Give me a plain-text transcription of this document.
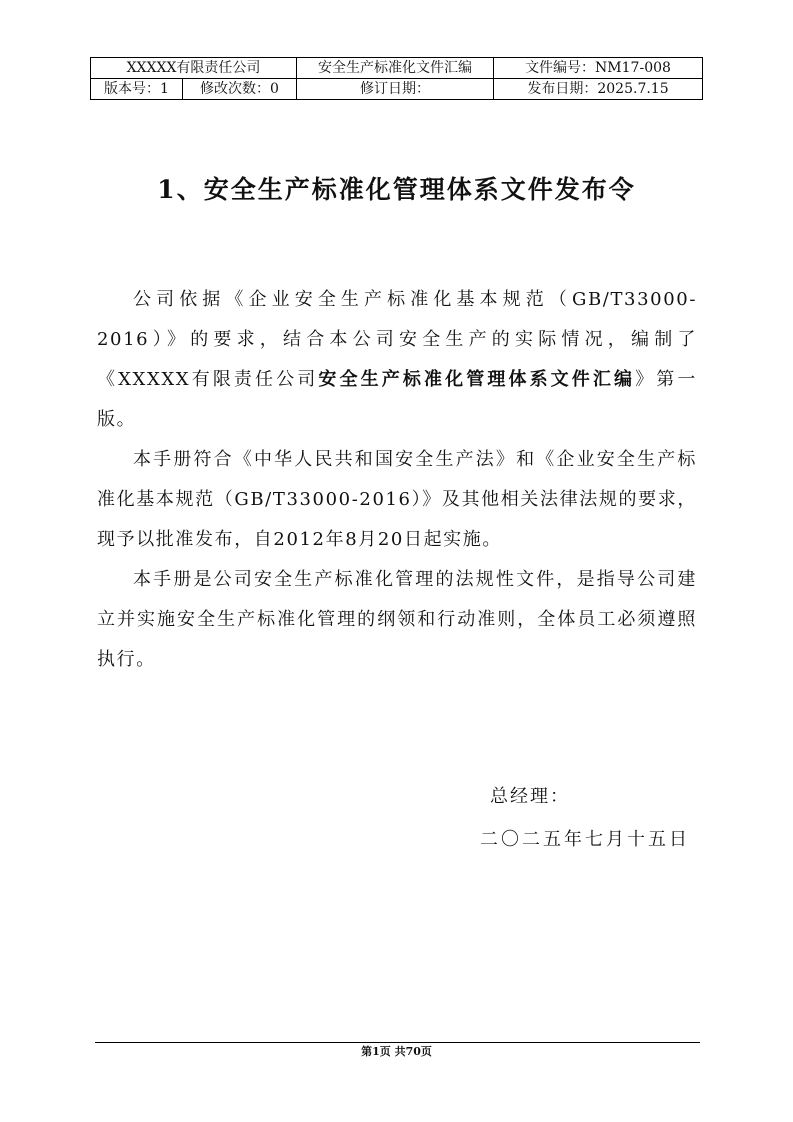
XXXXX有限责任公司		安全生产标准化文件汇编	文件编号：NM17-008
版本号：1	修改次数：0	修订日期：	发布日期：2025.7.15
1、安全生产标准化管理体系文件发布令

公司依据《企业安全生产标准化基本规范（GB/T33000-2016）》的要求，结合本公司安全生产的实际情况，编制了《XXXXX有限责任公司安全生产标准化管理体系文件汇编》第一版。

本手册符合《中华人民共和国安全生产法》和《企业安全生产标准化基本规范（GB/T33000-2016）》及其他相关法律法规的要求，现予以批准发布，自2012年8月20日起实施。

本手册是公司安全生产标准化管理的法规性文件，是指导公司建立并实施安全生产标准化管理的纲领和行动准则，全体员工必须遵照执行。

总经理：
二〇二五年七月十五日
第1页 共70页
